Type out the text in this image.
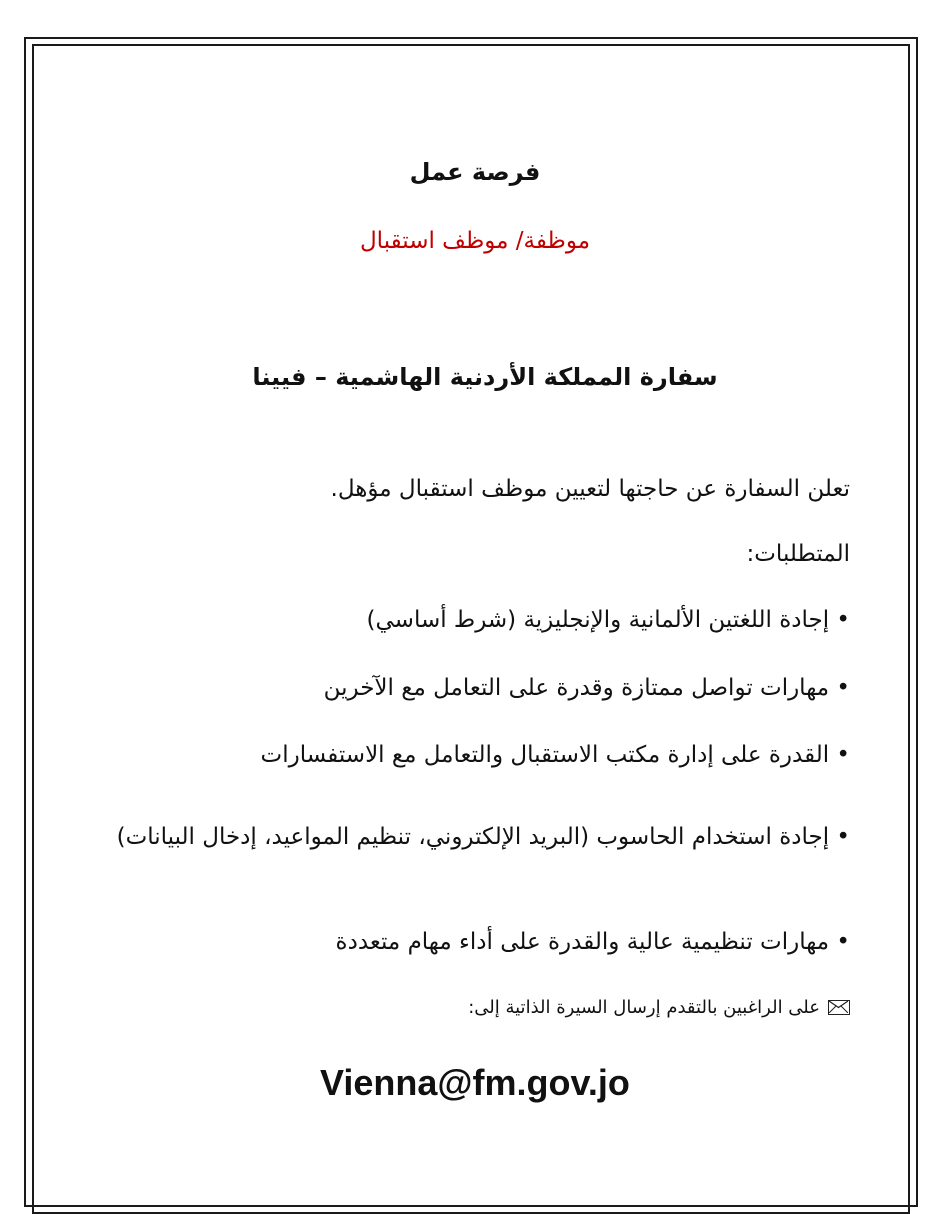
فرصة عمل
موظفة/ موظف استقبال
سفارة المملكة الأردنية الهاشمية – فيينا
تعلن السفارة عن حاجتها لتعيين موظف استقبال مؤهل.
المتطلبات:
• إجادة اللغتين الألمانية والإنجليزية (شرط أساسي)
• مهارات تواصل ممتازة وقدرة على التعامل مع الآخرين
• القدرة على إدارة مكتب الاستقبال والتعامل مع الاستفسارات
• إجادة استخدام الحاسوب (البريد الإلكتروني، تنظيم المواعيد، إدخال البيانات)
• مهارات تنظيمية عالية والقدرة على أداء مهام متعددة
على الراغبين بالتقدم إرسال السيرة الذاتية إلى:
Vienna@fm.gov.jo
